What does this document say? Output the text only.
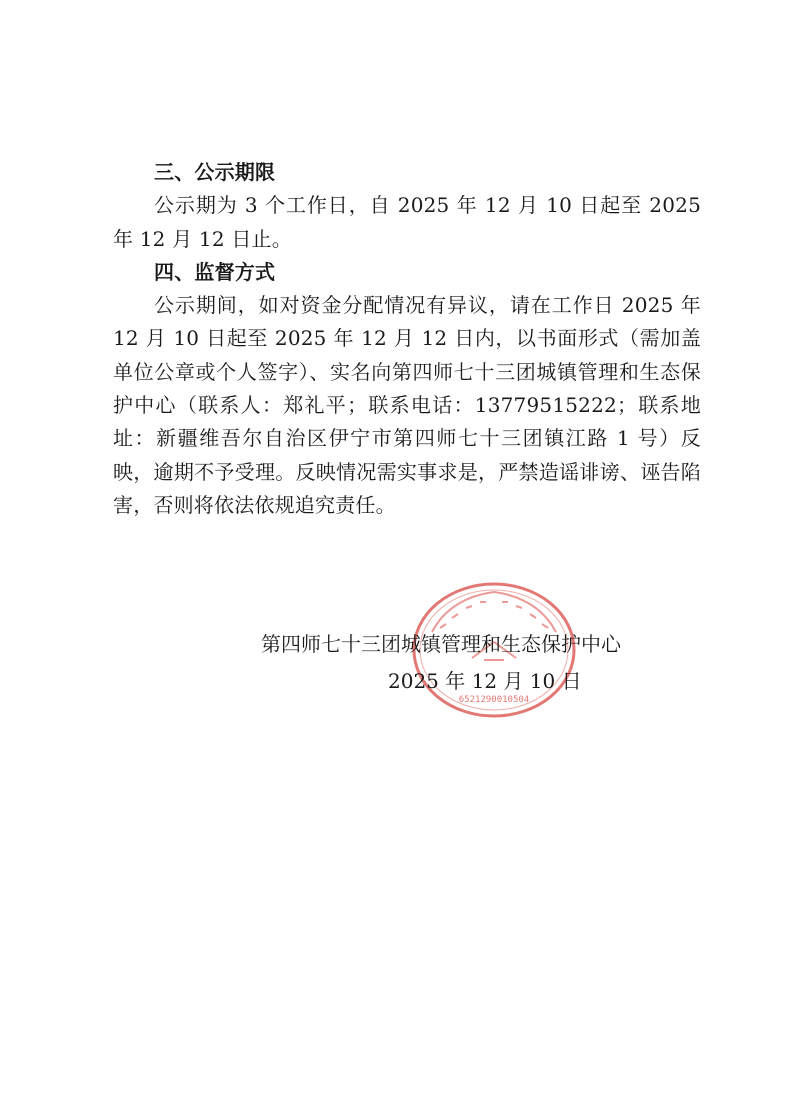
三、公示期限

公示期为 3 个工作日，自 2025 年 12 月 10 日起至 2025 年 12 月 12 日止。

四、监督方式

公示期间，如对资金分配情况有异议，请在工作日 2025 年 12 月 10 日起至 2025 年 12 月 12 日内，以书面形式（需加盖单位公章或个人签字）、实名向第四师七十三团城镇管理和生态保护中心（联系人：郑礼平；联系电话：13779515222；联系地址：新疆维吾尔自治区伊宁市第四师七十三团镇江路 1 号）反映，逾期不予受理。反映情况需实事求是，严禁造谣诽谤、诬告陷害，否则将依法依规追究责任。

6521290010504
第四师七十三团城镇管理和生态保护中心
2025 年 12 月 10 日
